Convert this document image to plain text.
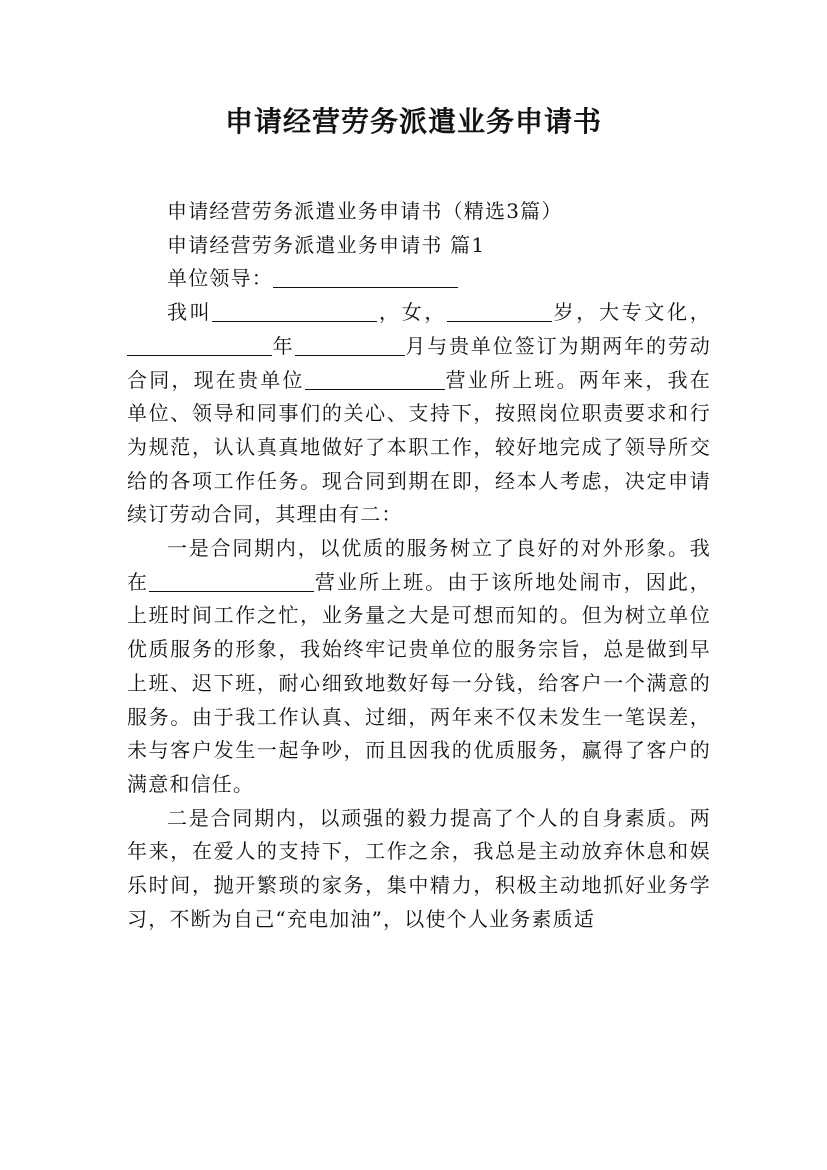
申请经营劳务派遣业务申请书

申请经营劳务派遣业务申请书（精选3篇）

申请经营劳务派遣业务申请书 篇1

单位领导：

我叫	，女，	岁，大专文化，年	月与贵单位签订为期两年的劳动合同，现在贵单位	营业所上班。两年来，我在单位、领导和同事们的关心、支持下，按照岗位职责要求和行为规范，认认真真地做好了本职工作，较好地完成了领导所交给的各项工作任务。现合同到期在即，经本人考虑，决定申请续订劳动合同，其理由有二：

一是合同期内，以优质的服务树立了良好的对外形象。我在	营业所上班。由于该所地处闹市，因此，上班时间工作之忙，业务量之大是可想而知的。但为树立单位优质服务的形象，我始终牢记贵单位的服务宗旨，总是做到早上班、迟下班，耐心细致地数好每一分钱，给客户一个满意的服务。由于我工作认真、过细，两年来不仅未发生一笔误差，未与客户发生一起争吵，而且因我的优质服务，赢得了客户的满意和信任。

二是合同期内，以顽强的毅力提高了个人的自身素质。两年来，在爱人的支持下，工作之余，我总是主动放弃休息和娱乐时间，抛开繁琐的家务，集中精力，积极主动地抓好业务学习，不断为自己“充电加油”，以使个人业务素质适
